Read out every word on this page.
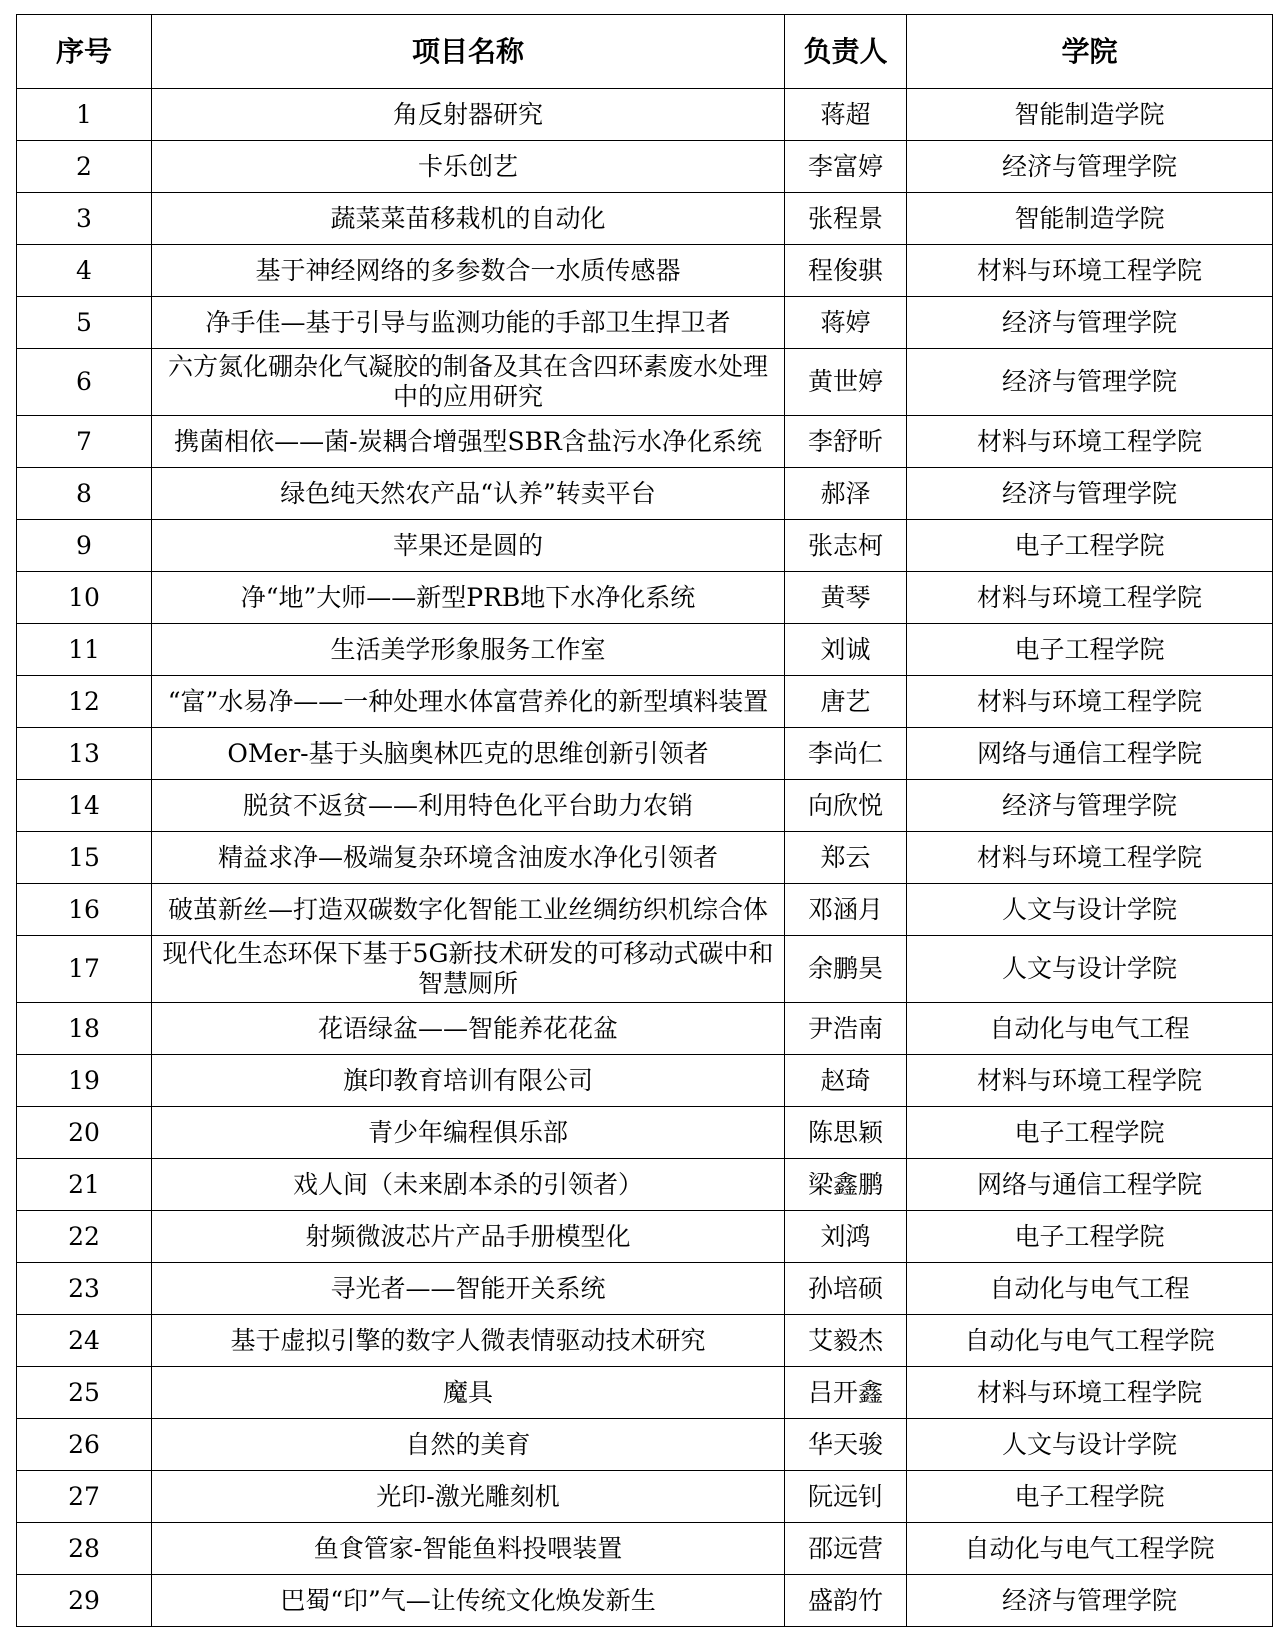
序号	项目名称	负责人	学院
1	角反射器研究	蒋超	智能制造学院
2	卡乐创艺	李富婷	经济与管理学院
3	蔬菜菜苗移栽机的自动化	张程景	智能制造学院
4	基于神经网络的多参数合一水质传感器	程俊骐	材料与环境工程学院
5	净手佳—基于引导与监测功能的手部卫生捍卫者	蒋婷	经济与管理学院
6	六方氮化硼杂化气凝胶的制备及其在含四环素废水处理中的应用研究	黄世婷	经济与管理学院
7	携菌相依——菌-炭耦合增强型SBR含盐污水净化系统	李舒昕	材料与环境工程学院
8	绿色纯天然农产品“认养”转卖平台	郝泽	经济与管理学院
9	苹果还是圆的	张志柯	电子工程学院
10	净“地”大师——新型PRB地下水净化系统	黄琴	材料与环境工程学院
11	生活美学形象服务工作室	刘诚	电子工程学院
12	“富”水易净——一种处理水体富营养化的新型填料装置	唐艺	材料与环境工程学院
13	OMer-基于头脑奥林匹克的思维创新引领者	李尚仁	网络与通信工程学院
14	脱贫不返贫——利用特色化平台助力农销	向欣悦	经济与管理学院
15	精益求净—极端复杂环境含油废水净化引领者	郑云	材料与环境工程学院
16	破茧新丝—打造双碳数字化智能工业丝绸纺织机综合体	邓涵月	人文与设计学院
17	现代化生态环保下基于5G新技术研发的可移动式碳中和智慧厕所	余鹏昊	人文与设计学院
18	花语绿盆——智能养花花盆	尹浩南	自动化与电气工程
19	旗印教育培训有限公司	赵琦	材料与环境工程学院
20	青少年编程俱乐部	陈思颖	电子工程学院
21	戏人间（未来剧本杀的引领者）	梁鑫鹏	网络与通信工程学院
22	射频微波芯片产品手册模型化	刘鸿	电子工程学院
23	寻光者——智能开关系统	孙培硕	自动化与电气工程
24	基于虚拟引擎的数字人微表情驱动技术研究	艾毅杰	自动化与电气工程学院
25	魔具	吕开鑫	材料与环境工程学院
26	自然的美育	华天骏	人文与设计学院
27	光印-激光雕刻机	阮远钊	电子工程学院
28	鱼食管家-智能鱼料投喂装置	邵远营	自动化与电气工程学院
29	巴蜀“印”气—让传统文化焕发新生	盛韵竹	经济与管理学院
